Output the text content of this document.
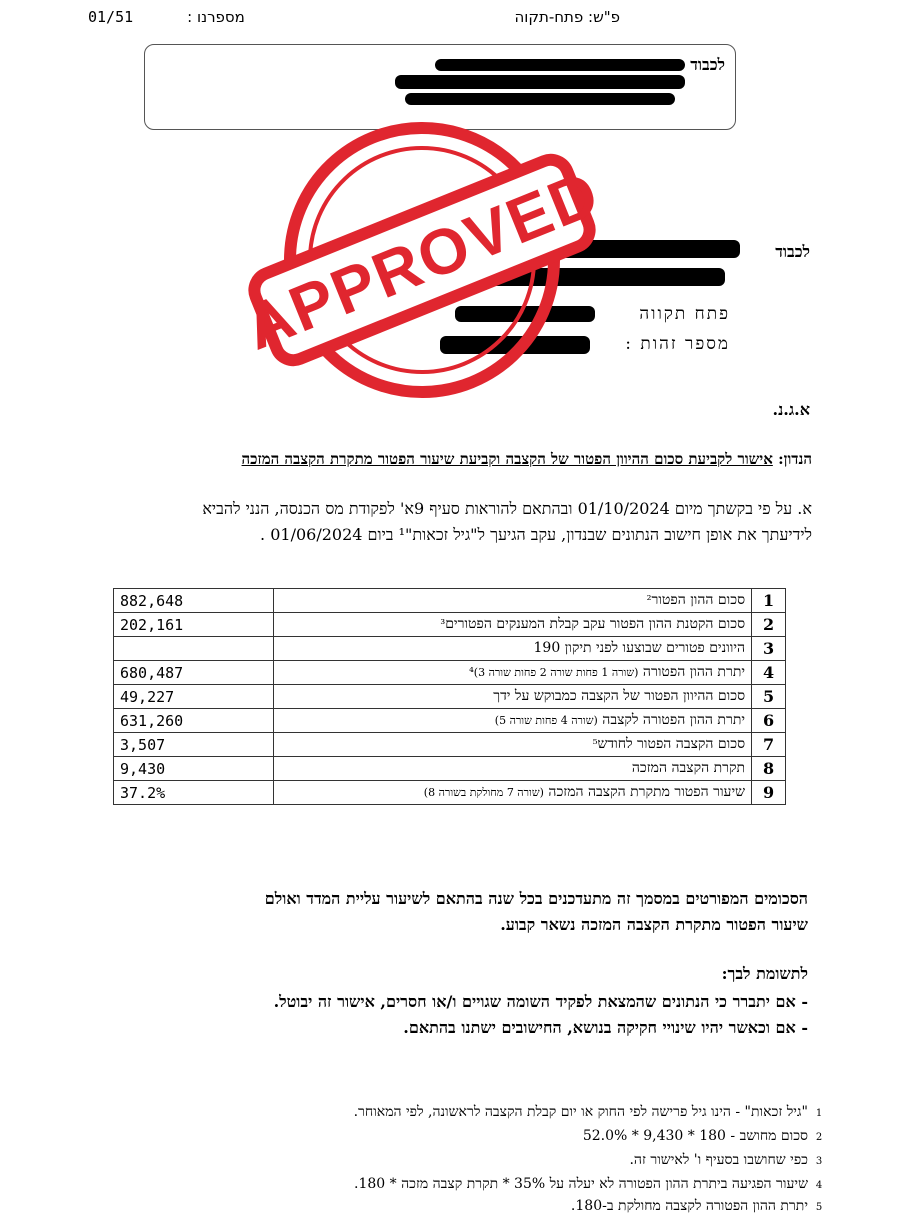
פ"ש: פתח-תקוה
01/51	מספרנו :
לכבוד
לכבוד
פתח תקווה
מספר זהות :
א.ג.נ.
הנדון: אישור לקביעת סכום ההיוון הפטור של הקצבה וקביעת שיעור הפטור מתקרת הקצבה המזכה
א. על פי בקשתך מיום 01/10/2024 ובהתאם להוראות סעיף 9א' לפקודת מס הכנסה, הנני להביא
לידיעתך את אופן חישוב הנתונים שבנדון, עקב הגיעך ל"גיל זכאות"¹ ביום 01/06/2024 .
1	סכום ההון הפטור²	882,648
2	סכום הקטנת ההון הפטור עקב קבלת המענקים הפטורים³	202,161
3	היוונים פטורים שבוצעו לפני תיקון 190	
4	יתרת ההון הפטורה (שורה 1 פחות שורה 2 פחות שורה 3)⁴	680,487
5	סכום ההיוון הפטור של הקצבה כמבוקש על ידך	49,227
6	יתרת ההון הפטורה לקצבה (שורה 4 פחות שורה 5)	631,260
7	סכום הקצבה הפטור לחודש⁵	3,507
8	תקרת הקצבה המזכה	9,430
9	שיעור הפטור מתקרת הקצבה המזכה (שורה 7 מחולקת בשורה 8)	37.2%
הסכומים המפורטים במסמך זה מתעדכנים בכל שנה בהתאם לשיעור עליית המדד ואולם
שיעור הפטור מתקרת הקצבה המזכה נשאר קבוע.
לתשומת לבך:
- אם יתברר כי הנתונים שהמצאת לפקיד השומה שגויים ו/או חסרים, אישור זה יבוטל.
- אם וכאשר יהיו שינויי חקיקה בנושא, החישובים ישתנו בהתאם.
1
"גיל זכאות" - הינו גיל פרישה לפי החוק או יום קבלת הקצבה לראשונה, לפי המאוחר.
2
סכום מחושב - 180 * 9,430 * 52.0%
3
כפי שחושבו בסעיף ו' לאישור זה.
4
שיעור הפגיעה ביתרת ההון הפטורה לא יעלה על 35% * תקרת קצבה מזכה * 180.
5
יתרת ההון הפטורה לקצבה מחולקת ב-180.
APPROVED
